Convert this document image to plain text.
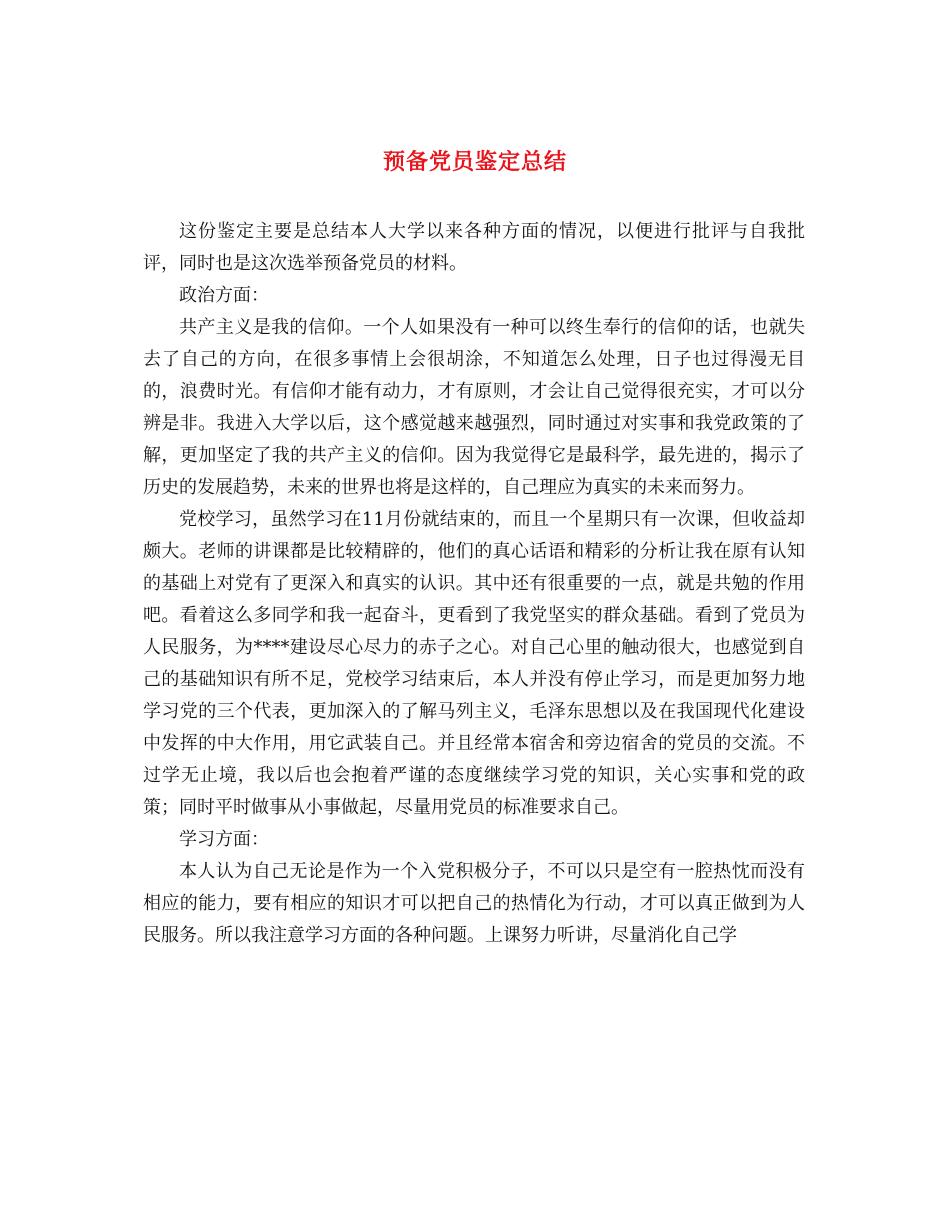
预备党员鉴定总结

这份鉴定主要是总结本人大学以来各种方面的情况，以便进行批评与自我批评，同时也是这次选举预备党员的材料。

政治方面：

共产主义是我的信仰。一个人如果没有一种可以终生奉行的信仰的话，也就失去了自己的方向，在很多事情上会很胡涂，不知道怎么处理，日子也过得漫无目的，浪费时光。有信仰才能有动力，才有原则，才会让自己觉得很充实，才可以分辨是非。我进入大学以后，这个感觉越来越强烈，同时通过对实事和我党政策的了解，更加坚定了我的共产主义的信仰。因为我觉得它是最科学，最先进的，揭示了历史的发展趋势，未来的世界也将是这样的，自己理应为真实的未来而努力。

党校学习，虽然学习在11月份就结束的，而且一个星期只有一次课，但收益却颇大。老师的讲课都是比较精辟的，他们的真心话语和精彩的分析让我在原有认知的基础上对党有了更深入和真实的认识。其中还有很重要的一点，就是共勉的作用吧。看着这么多同学和我一起奋斗，更看到了我党坚实的群众基础。看到了党员为人民服务，为****建设尽心尽力的赤子之心。对自己心里的触动很大，也感觉到自己的基础知识有所不足，党校学习结束后，本人并没有停止学习，而是更加努力地学习党的三个代表，更加深入的了解马列主义，毛泽东思想以及在我国现代化建设中发挥的中大作用，用它武装自己。并且经常本宿舍和旁边宿舍的党员的交流。不过学无止境，我以后也会抱着严谨的态度继续学习党的知识，关心实事和党的政策；同时平时做事从小事做起，尽量用党员的标准要求自己。

学习方面：

本人认为自己无论是作为一个入党积极分子，不可以只是空有一腔热忱而没有相应的能力，要有相应的知识才可以把自己的热情化为行动，才可以真正做到为人民服务。所以我注意学习方面的各种问题。上课努力听讲，尽量消化自己学
